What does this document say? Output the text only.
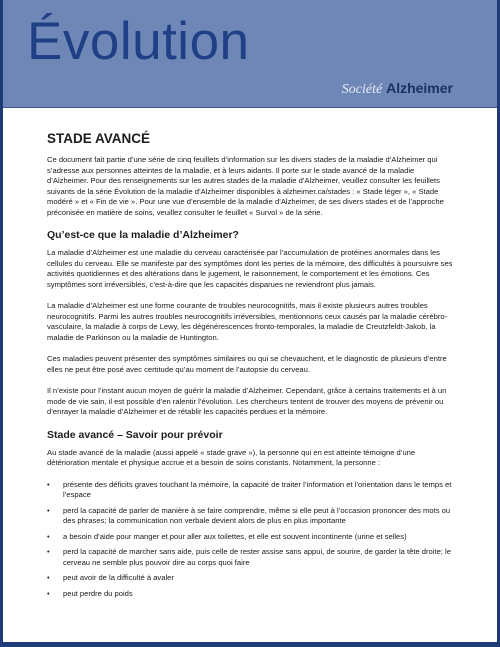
Évolution
Société Alzheimer
STADE AVANCÉ

Ce document fait partie d’une série de cinq feuillets d’information sur les divers stades de la maladie d’Alzheimer qui s’adresse aux personnes atteintes de la maladie, et à leurs aidants. Il porte sur le stade avancé de la maladie d’Alzheimer. Pour des renseignements sur les autres stades de la maladie d’Alzheimer, veuillez consulter les feuillets suivants de la série Évolution de la maladie d’Alzheimer disponibles à alzheimer.ca/stades : « Stade léger », « Stade modéré » et « Fin de vie ». Pour une vue d’ensemble de la maladie d’Alzheimer, de ses divers stades et de l’approche préconisée en matière de soins, veuillez consulter le feuillet « Survol » de la série.

Qu’est-ce que la maladie d’Alzheimer?

La maladie d’Alzheimer est une maladie du cerveau caractérisée par l’accumulation de protéines anormales dans les cellules du cerveau. Elle se manifeste par des symptômes dont les pertes de la mémoire, des difficultés à poursuivre ses activités quotidiennes et des altérations dans le jugement, le raisonnement, le comportement et les émotions. Ces symptômes sont irréversibles, c’est-à-dire que les capacités disparues ne reviendront plus jamais.

La maladie d’Alzheimer est une forme courante de troubles neurocognitifs, mais il existe plusieurs autres troubles neurocognitifs. Parmi les autres troubles neurocognitifs irréversibles, mentionnons ceux causés par la maladie cérébro-vasculaire, la maladie à corps de Lewy, les dégénérescences fronto-temporales, la maladie de Creutzfeldt-Jakob, la maladie de Parkinson ou la maladie de Huntington.

Ces maladies peuvent présenter des symptômes similaires ou qui se chevauchent, et le diagnostic de plusieurs d’entre elles ne peut être posé avec certitude qu’au moment de l’autopsie du cerveau.

Il n’existe pour l’instant aucun moyen de guérir la maladie d’Alzheimer. Cependant, grâce à certains traitements et à un mode de vie sain, il est possible d’en ralentir l’évolution. Les chercheurs tentent de trouver des moyens de prévenir ou d’enrayer la maladie d’Alzheimer et de rétablir les capacités perdues et la mémoire.

Stade avancé – Savoir pour prévoir

Au stade avancé de la maladie (aussi appelé « stade grave »), la personne qui en est atteinte témoigne d’une détérioration mentale et physique accrue et a besoin de soins constants. Notamment, la personne :

• présente des déficits graves touchant la mémoire, la capacité de traiter l’information et l’orientation dans le temps et l’espace
• perd la capacité de parler de manière à se faire comprendre, même si elle peut à l’occasion prononcer des mots ou des phrases; la communication non verbale devient alors de plus en plus importante
• a besoin d’aide pour manger et pour aller aux toilettes, et elle est souvent incontinente (urine et selles)
• perd la capacité de marcher sans aide, puis celle de rester assise sans appui, de sourire, de garder la tête droite; le cerveau ne semble plus pouvoir dire au corps quoi faire
• peut avoir de la difficulté à avaler
• peut perdre du poids
